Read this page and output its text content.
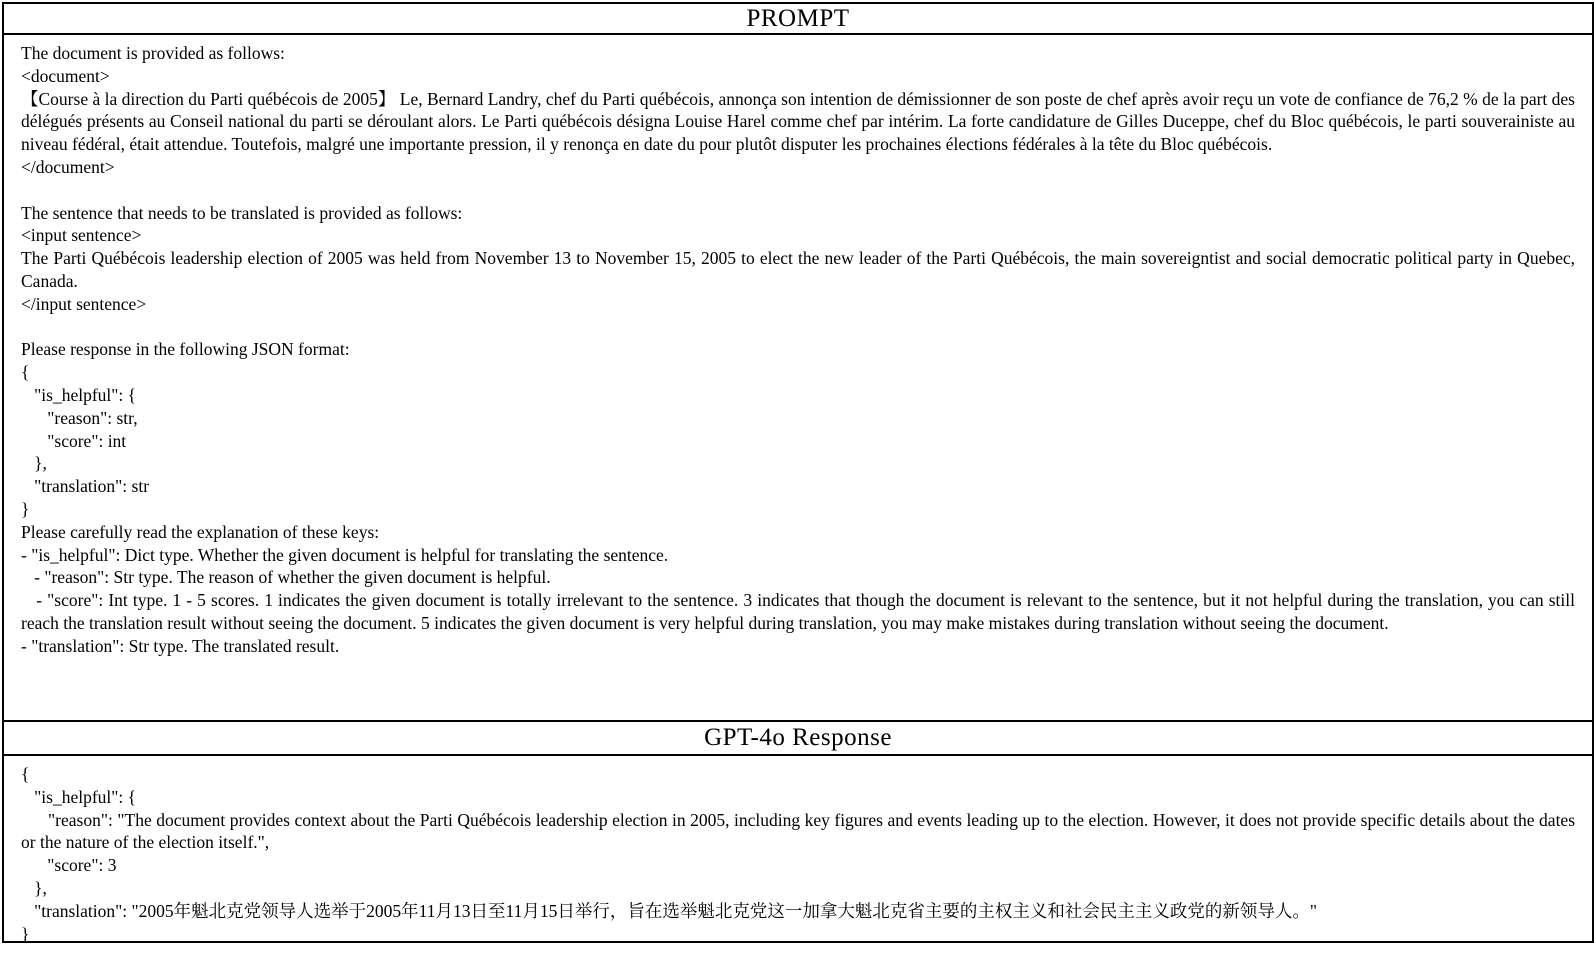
PROMPT
The document is provided as follows:
<document>
【Course à la direction du Parti québécois de 2005】 Le, Bernard Landry, chef du Parti québécois, annonça son intention de démissionner de son poste de chef après avoir reçu un vote de confiance de 76,2 % de la part des délégués présents au Conseil national du parti se déroulant alors. Le Parti québécois désigna Louise Harel comme chef par intérim. La forte candidature de Gilles Duceppe, chef du Bloc québécois, le parti souverainiste au niveau fédéral, était attendue. Toutefois, malgré une importante pression, il y renonça en date du pour plutôt disputer les prochaines élections fédérales à la tête du Bloc québécois.
</document>
The sentence that needs to be translated is provided as follows:
<input sentence>
The Parti Québécois leadership election of 2005 was held from November 13 to November 15, 2005 to elect the new leader of the Parti Québécois, the main sovereigntist and social democratic political party in Quebec, Canada.
</input sentence>
Please response in the following JSON format:
{
"is_helpful": {
"reason": str,
"score": int
},
"translation": str
}
Please carefully read the explanation of these keys:
- "is_helpful": Dict type. Whether the given document is helpful for translating the sentence.
- "reason": Str type. The reason of whether the given document is helpful.
- "score": Int type. 1 - 5 scores. 1 indicates the given document is totally irrelevant to the sentence. 3 indicates that though the document is relevant to the sentence, but it not helpful during the translation, you can still reach the translation result without seeing the document. 5 indicates the given document is very helpful during translation, you may make mistakes during translation without seeing the document.
- "translation": Str type. The translated result.
GPT-4o Response
{
"is_helpful": {
"reason": "The document provides context about the Parti Québécois leadership election in 2005, including key figures and events leading up to the election. However, it does not provide specific details about the dates or the nature of the election itself.",
"score": 3
},
"translation": "2005年魁北克党领导人选举于2005年11月13日至11月15日举行，旨在选举魁北克党这一加拿大魁北克省主要的主权主义和社会民主主义政党的新领导人。"
}
